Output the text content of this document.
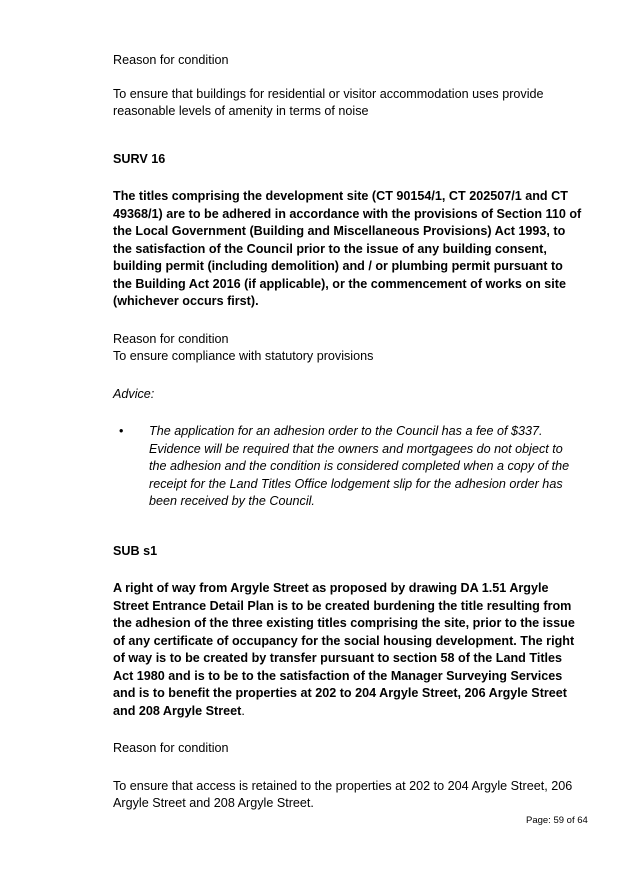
Reason for condition

To ensure that buildings for residential or visitor accommodation uses provide reasonable levels of amenity in terms of noise

SURV 16

The titles comprising the development site (CT 90154/1, CT 202507/1 and CT 49368/1) are to be adhered in accordance with the provisions of Section 110 of the Local Government (Building and Miscellaneous Provisions) Act 1993, to the satisfaction of the Council prior to the issue of any building consent, building permit (including demolition) and / or plumbing permit pursuant to the Building Act 2016 (if applicable), or the commencement of works on site (whichever occurs first).

Reason for condition

To ensure compliance with statutory provisions

Advice:

•	The application for an adhesion order to the Council has a fee of $337. Evidence will be required that the owners and mortgagees do not object to the adhesion and the condition is considered completed when a copy of the receipt for the Land Titles Office lodgement slip for the adhesion order has been received by the Council.

SUB s1

A right of way from Argyle Street as proposed by drawing DA 1.51 Argyle Street Entrance Detail Plan is to be created burdening the title resulting from the adhesion of the three existing titles comprising the site, prior to the issue of any certificate of occupancy for the social housing development. The right of way is to be created by transfer pursuant to section 58 of the Land Titles Act 1980 and is to be to the satisfaction of the Manager Surveying Services and is to benefit the properties at 202 to 204 Argyle Street, 206 Argyle Street and 208 Argyle Street.

Reason for condition

To ensure that access is retained to the properties at 202 to 204 Argyle Street, 206 Argyle Street and 208 Argyle Street.

Page: 59 of 64
